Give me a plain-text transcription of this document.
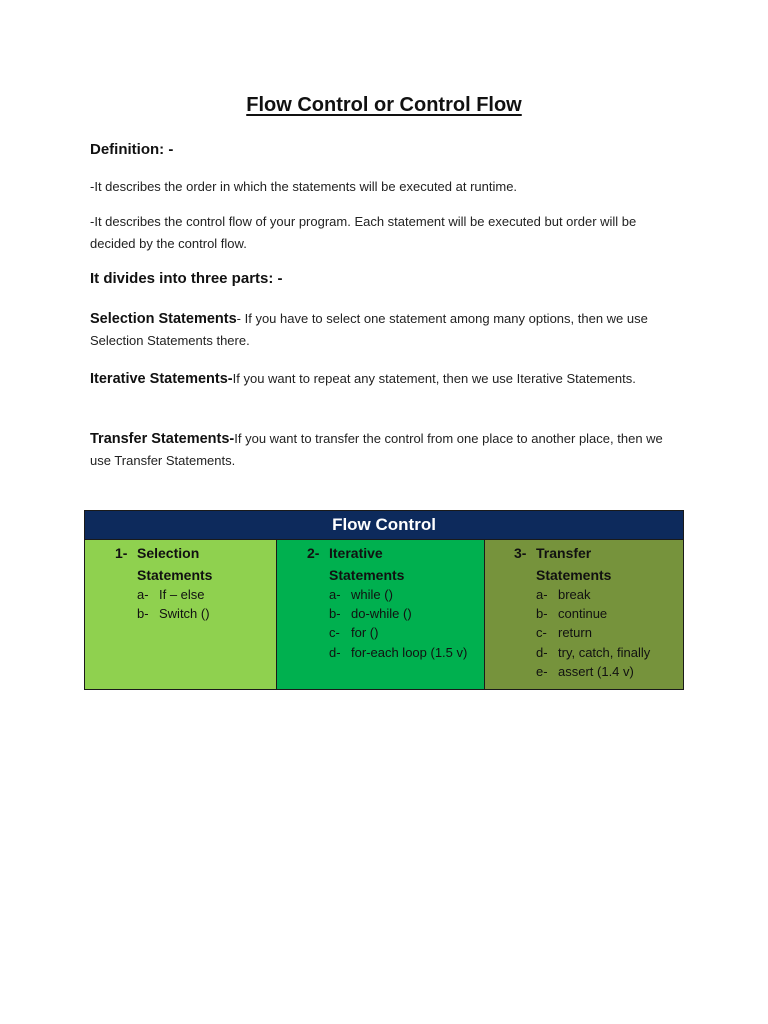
Flow Control or Control Flow
Definition: -
-It describes the order in which the statements will be executed at runtime.
-It describes the control flow of your program. Each statement will be executed but order will be decided by the control flow.
It divides into three parts: -
Selection Statements- If you have to select one statement among many options, then we use Selection Statements there.
Iterative Statements-If you want to repeat any statement, then we use Iterative Statements.
Transfer Statements-If you want to transfer the control from one place to another place, then we use Transfer Statements.
Flow Control
1- Selection Statements
a- If – else
b- Switch ()
2- Iterative Statements
a- while ()
b- do-while ()
c- for ()
d- for-each loop (1.5 v)
3- Transfer Statements
a- break
b- continue
c- return
d- try, catch, finally
e- assert (1.4 v)
